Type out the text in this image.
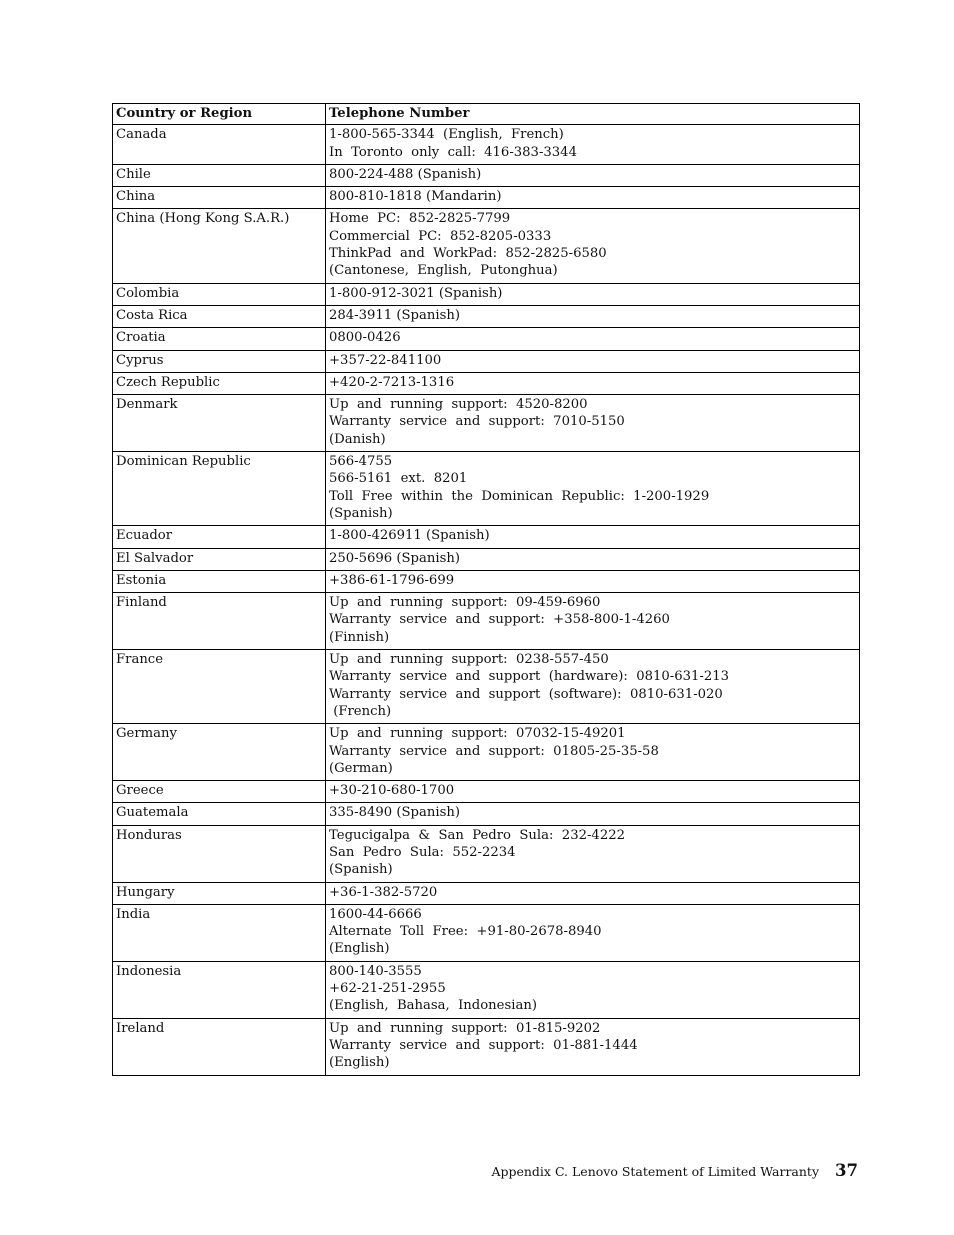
Country or Region	Telephone Number
Canada	1-800-565-3344  (English,  French)
In  Toronto  only  call:  416-383-3344

Chile	800-224-488 (Spanish)

China	800-810-1818 (Mandarin)

China (Hong Kong S.A.R.)	Home  PC:  852-2825-7799
Commercial  PC:  852-8205-0333
ThinkPad  and  WorkPad:  852-2825-6580
(Cantonese,  English,  Putonghua)

Colombia	1-800-912-3021 (Spanish)

Costa Rica	284-3911 (Spanish)

Croatia	0800-0426

Cyprus	+357-22-841100

Czech Republic	+420-2-7213-1316

Denmark	Up  and  running  support:  4520-8200
Warranty  service  and  support:  7010-5150
(Danish)

Dominican Republic	566-4755
566-5161  ext.  8201
Toll  Free  within  the  Dominican  Republic:  1-200-1929
(Spanish)

Ecuador	1-800-426911 (Spanish)

El Salvador	250-5696 (Spanish)

Estonia	+386-61-1796-699

Finland	Up  and  running  support:  09-459-6960
Warranty  service  and  support:  +358-800-1-4260
(Finnish)

France	Up  and  running  support:  0238-557-450
Warranty  service  and  support  (hardware):  0810-631-213
Warranty  service  and  support  (software):  0810-631-020
(French)

Germany	Up  and  running  support:  07032-15-49201
Warranty  service  and  support:  01805-25-35-58
(German)

Greece	+30-210-680-1700

Guatemala	335-8490 (Spanish)

Honduras	Tegucigalpa  &  San  Pedro  Sula:  232-4222
San  Pedro  Sula:  552-2234
(Spanish)

Hungary	+36-1-382-5720

India	1600-44-6666
Alternate  Toll  Free:  +91-80-2678-8940
(English)

Indonesia	800-140-3555
+62-21-251-2955
(English,  Bahasa,  Indonesian)

Ireland	Up  and  running  support:  01-815-9202
Warranty  service  and  support:  01-881-1444
(English)
Appendix C. Lenovo Statement of Limited Warranty 37
